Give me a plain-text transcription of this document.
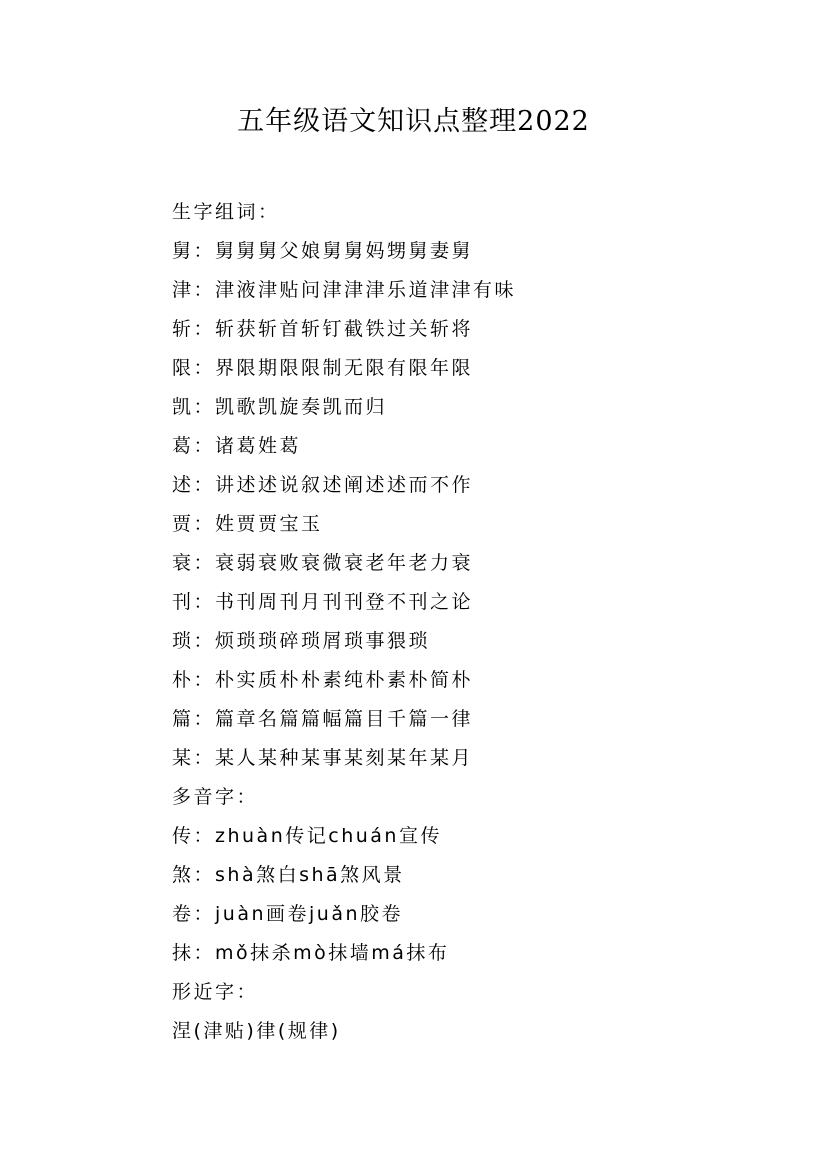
五年级语文知识点整理2022

生字组词：

舅：舅舅舅父娘舅舅妈甥舅妻舅

津：津液津贴问津津津乐道津津有味

斩：斩获斩首斩钉截铁过关斩将

限：界限期限限制无限有限年限

凯：凯歌凯旋奏凯而归

葛：诸葛姓葛

述：讲述述说叙述阐述述而不作

贾：姓贾贾宝玉

衰：衰弱衰败衰微衰老年老力衰

刊：书刊周刊月刊刊登不刊之论

琐：烦琐琐碎琐屑琐事猥琐

朴：朴实质朴朴素纯朴素朴简朴

篇：篇章名篇篇幅篇目千篇一律

某：某人某种某事某刻某年某月

多音字：

传：zhuàn传记chuán宣传

煞：shà煞白shā煞风景

卷：juàn画卷juǎn胶卷

抹：mǒ抹杀mò抹墙má抹布

形近字：

涅(津贴)律(规律)
